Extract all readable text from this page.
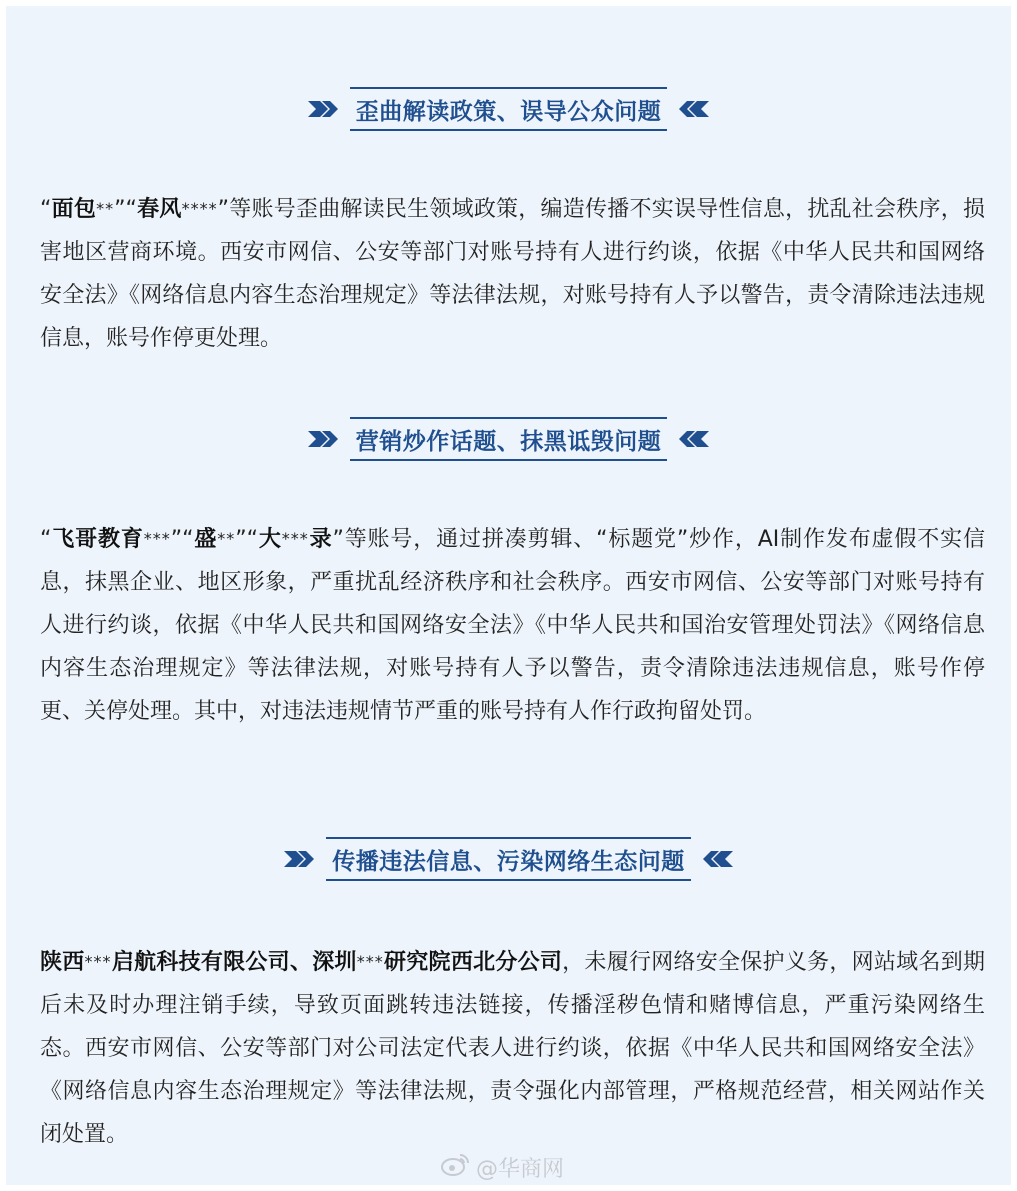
歪曲解读政策、误导公众问题

“面包**”“春风****”等账号歪曲解读民生领域政策，编造传播不实误导性信息，扰乱社会秩序，损害地区营商环境。西安市网信、公安等部门对账号持有人进行约谈，依据《中华人民共和国网络安全法》《网络信息内容生态治理规定》等法律法规，对账号持有人予以警告，责令清除违法违规信息，账号作停更处理。

营销炒作话题、抹黑诋毁问题

“飞哥教育***”“盛**”“大***录”等账号，通过拼凑剪辑、“标题党”炒作，AI制作发布虚假不实信息，抹黑企业、地区形象，严重扰乱经济秩序和社会秩序。西安市网信、公安等部门对账号持有人进行约谈，依据《中华人民共和国网络安全法》《中华人民共和国治安管理处罚法》《网络信息内容生态治理规定》等法律法规，对账号持有人予以警告，责令清除违法违规信息，账号作停更、关停处理。其中，对违法违规情节严重的账号持有人作行政拘留处罚。

传播违法信息、污染网络生态问题

陕西***启航科技有限公司、深圳***研究院西北分公司，未履行网络安全保护义务，网站域名到期后未及时办理注销手续，导致页面跳转违法链接，传播淫秽色情和赌博信息，严重污染网络生态。西安市网信、公安等部门对公司法定代表人进行约谈，依据《中华人民共和国网络安全法》《网络信息内容生态治理规定》等法律法规，责令强化内部管理，严格规范经营，相关网站作关闭处置。

@华商网
